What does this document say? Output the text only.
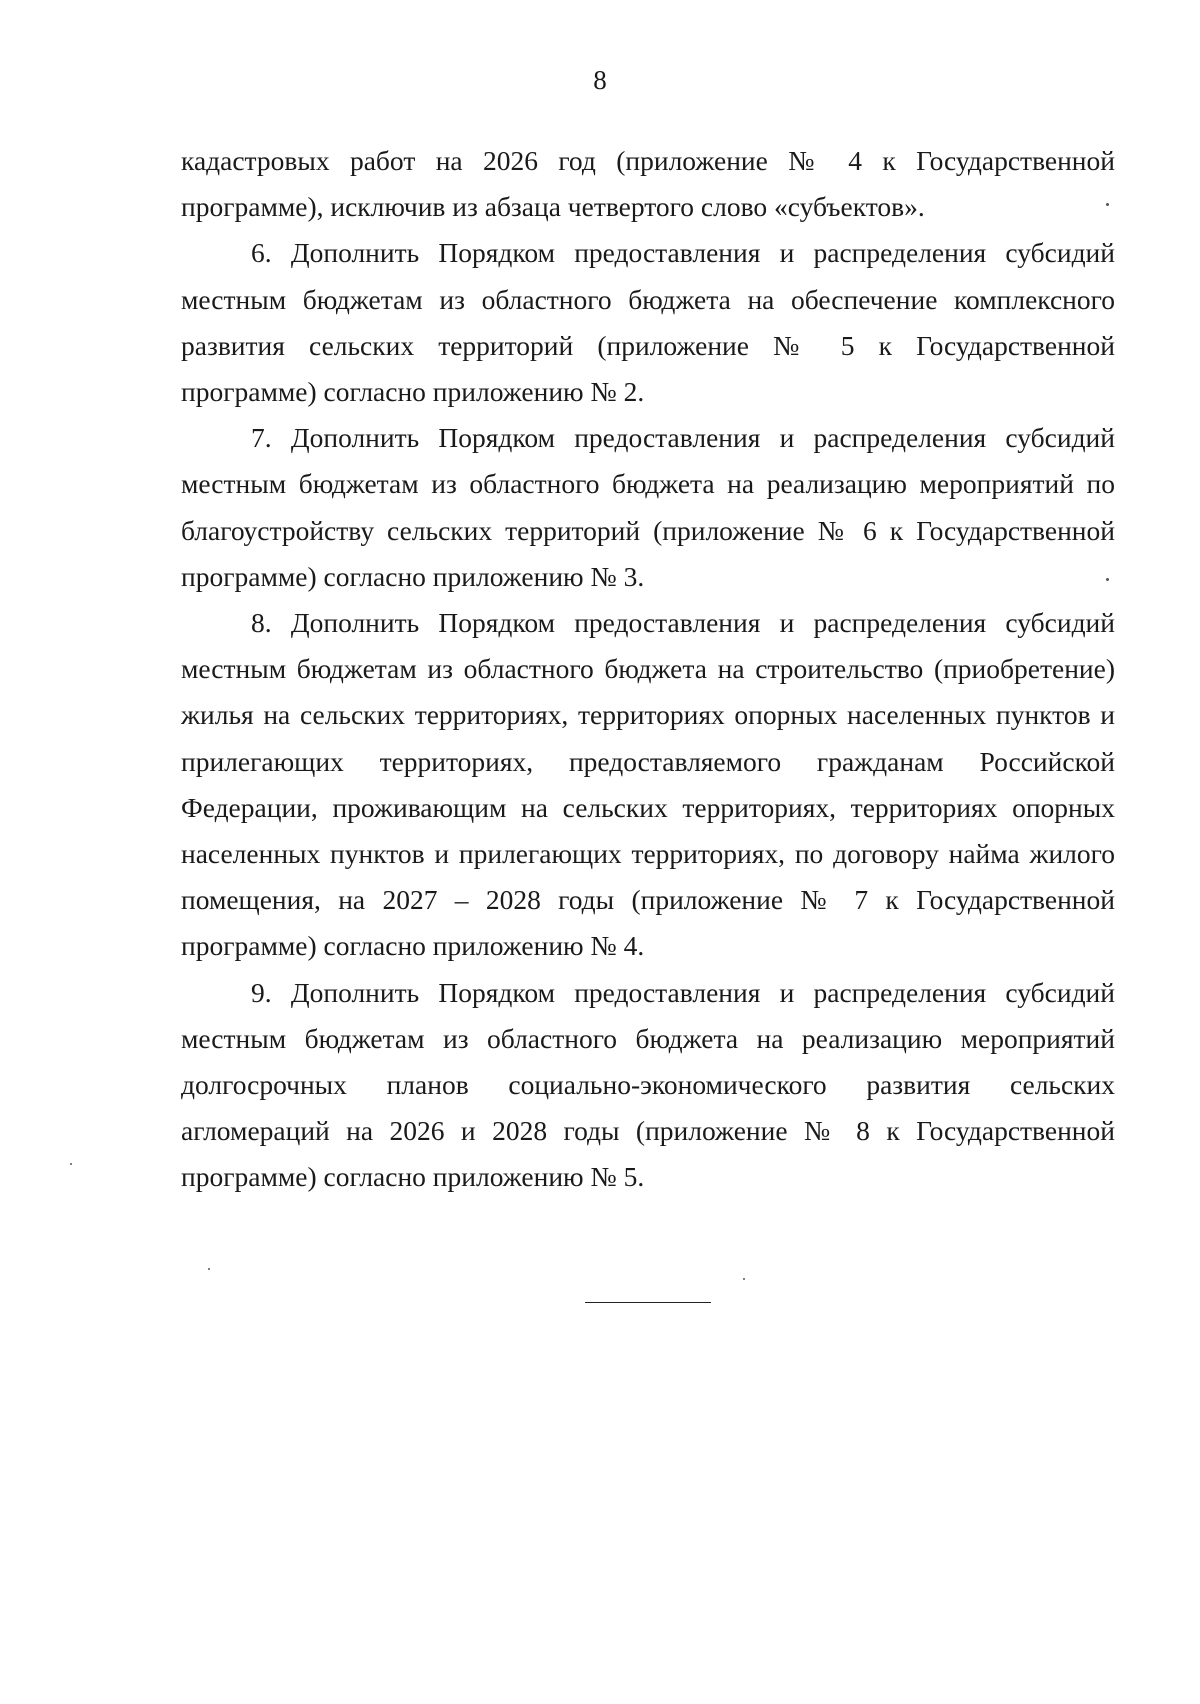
8

кадастровых работ на 2026 год (приложение № 4 к Государственной программе), исключив из абзаца четвертого слово «субъектов».

6. Дополнить Порядком предоставления и распределения субсидий местным бюджетам из областного бюджета на обеспечение комплексного развития сельских территорий (приложение № 5 к Государственной программе) согласно приложению № 2.

7. Дополнить Порядком предоставления и распределения субсидий местным бюджетам из областного бюджета на реализацию мероприятий по благоустройству сельских территорий (приложение № 6 к Государственной программе) согласно приложению № 3.

8. Дополнить Порядком предоставления и распределения субсидий местным бюджетам из областного бюджета на строительство (приобретение) жилья на сельских территориях, территориях опорных населенных пунктов и прилегающих территориях, предоставляемого гражданам Российской Федерации, проживающим на сельских территориях, территориях опорных населенных пунктов и прилегающих территориях, по договору найма жилого помещения, на 2027 – 2028 годы (приложение № 7 к Государственной программе) согласно приложению № 4.

9. Дополнить Порядком предоставления и распределения субсидий местным бюджетам из областного бюджета на реализацию мероприятий долгосрочных планов социально-экономического развития сельских агломераций на 2026 и 2028 годы (приложение № 8 к Государственной программе) согласно приложению № 5.
